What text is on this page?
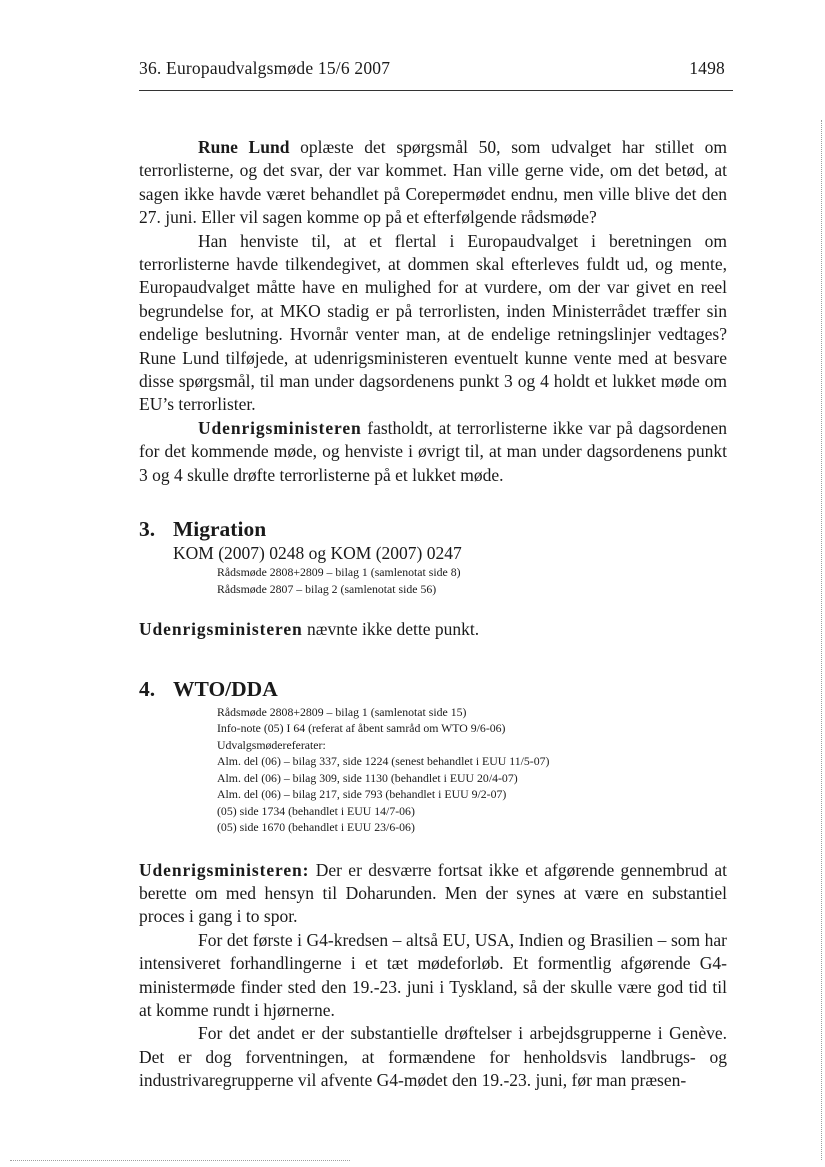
36. Europaudvalgsmøde 15/6 2007	1498

Rune Lund oplæste det spørgsmål 50, som udvalget har stillet om terrorlisterne, og det svar, der var kommet. Han ville gerne vide, om det betød, at sagen ikke havde været behandlet på Corepermødet endnu, men ville blive det den 27. juni. Eller vil sagen komme op på et efterfølgende rådsmøde?

Han henviste til, at et flertal i Europaudvalget i beretningen om terrorlisterne havde tilkendegivet, at dommen skal efterleves fuldt ud, og mente, Europaudvalget måtte have en mulighed for at vurdere, om der var givet en reel begrundelse for, at MKO stadig er på terrorlisten, inden Ministerrådet træffer sin endelige beslutning. Hvornår venter man, at de endelige retningslinjer vedtages? Rune Lund tilføjede, at udenrigsministeren eventuelt kunne vente med at besvare disse spørgsmål, til man under dagsordenens punkt 3 og 4 holdt et lukket møde om EU’s terrorlister.

Udenrigsministeren fastholdt, at terrorlisterne ikke var på dagsordenen for det kommende møde, og henviste i øvrigt til, at man under dagsordenens punkt 3 og 4 skulle drøfte terrorlisterne på et lukket møde.

3. Migration

KOM (2007) 0248 og KOM (2007) 0247

Rådsmøde 2808+2809 – bilag 1 (samlenotat side 8)
Rådsmøde 2807 – bilag 2 (samlenotat side 56)

Udenrigsministeren nævnte ikke dette punkt.

4. WTO/DDA
Rådsmøde 2808+2809 – bilag 1 (samlenotat side 15)
Info-note (05) I 64 (referat af åbent samråd om WTO 9/6-06)
Udvalgsmødereferater:
Alm. del (06) – bilag 337, side 1224 (senest behandlet i EUU 11/5-07)
Alm. del (06) – bilag 309, side 1130 (behandlet i EUU 20/4-07)
Alm. del (06) – bilag 217, side 793 (behandlet i EUU 9/2-07)
(05) side 1734 (behandlet i EUU 14/7-06)
(05) side 1670 (behandlet i EUU 23/6-06)

Udenrigsministeren: Der er desværre fortsat ikke et afgørende gennembrud at berette om med hensyn til Doharunden. Men der synes at være en substantiel proces i gang i to spor.

For det første i G4-kredsen – altså EU, USA, Indien og Brasilien – som har intensiveret forhandlingerne i et tæt mødeforløb. Et formentlig afgørende G4-ministermøde finder sted den 19.-23. juni i Tyskland, så der skulle være god tid til at komme rundt i hjørnerne.

For det andet er der substantielle drøftelser i arbejdsgrupperne i Genève. Det er dog forventningen, at formændene for henholdsvis landbrugs- og industrivaregrupperne vil afvente G4-mødet den 19.-23. juni, før man præsen-
